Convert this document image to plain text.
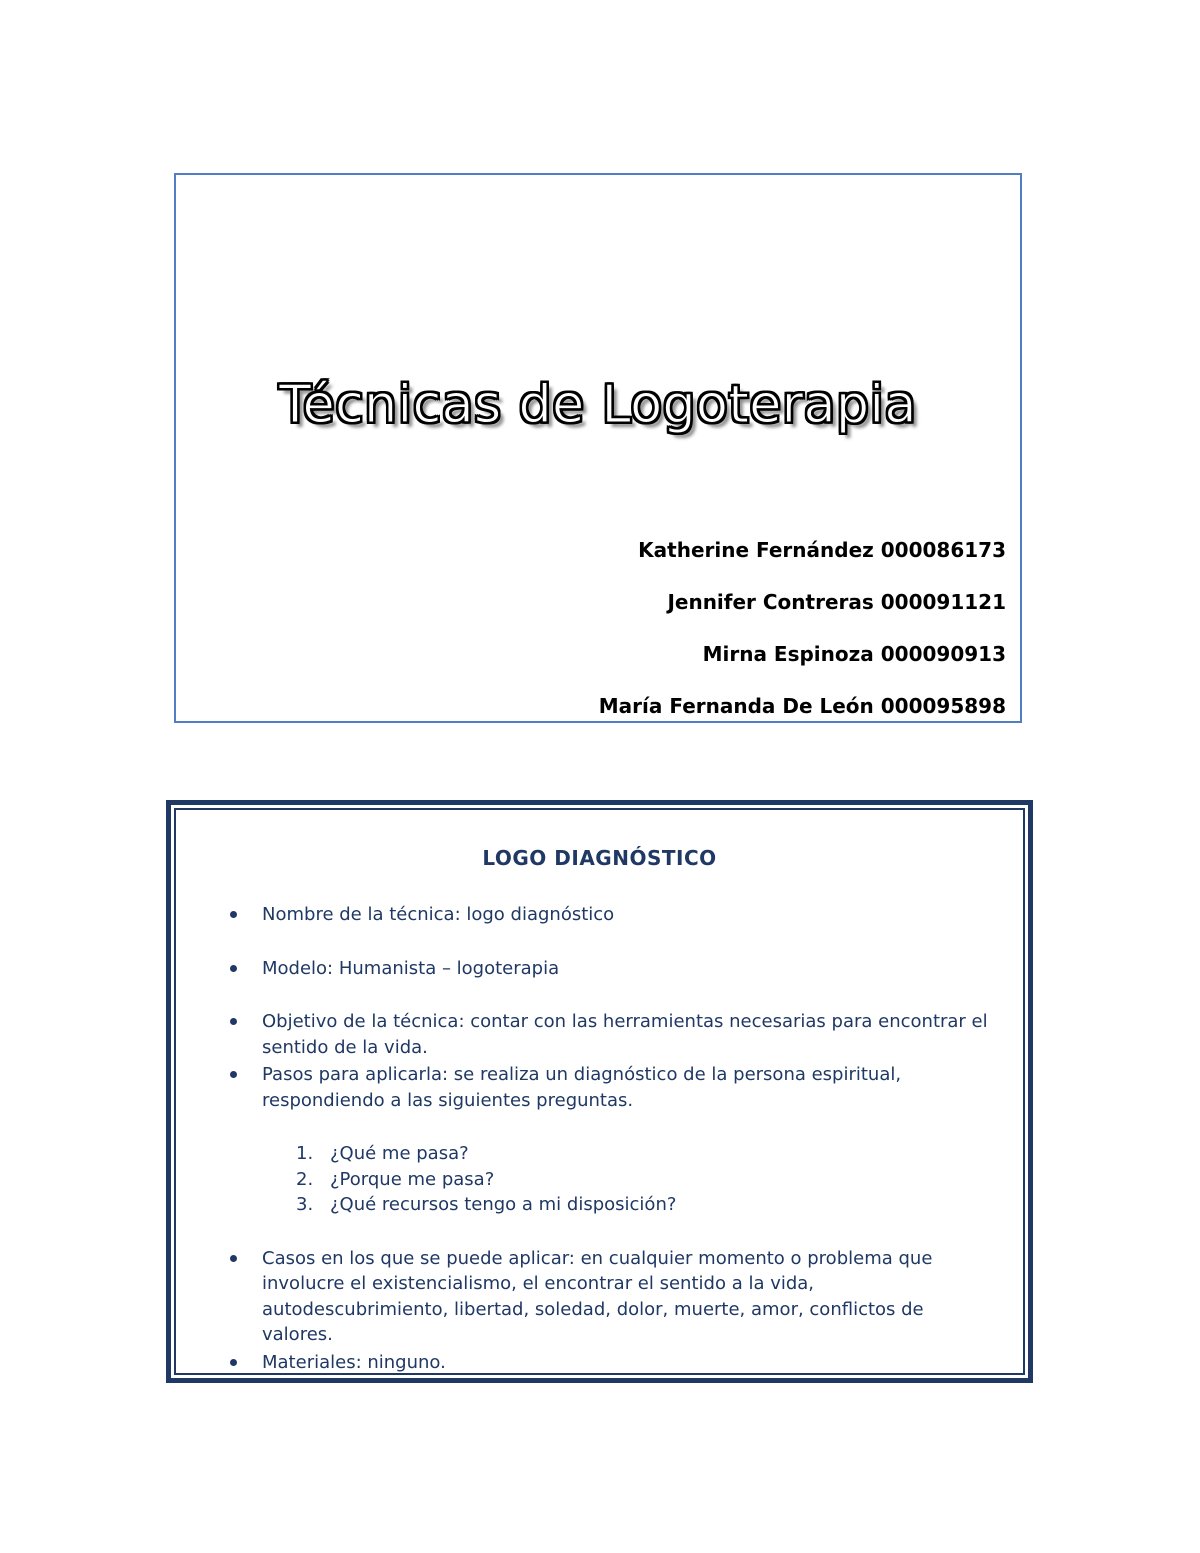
Técnicas de Logoterapia
Katherine Fernández 000086173
Jennifer Contreras 000091121
Mirna Espinoza 000090913
María Fernanda De León 000095898
LOGO DIAGNÓSTICO
Nombre de la técnica: logo diagnóstico
Modelo: Humanista – logoterapia
Objetivo de la técnica: contar con las herramientas necesarias para encontrar el sentido de la vida.
Pasos para aplicarla: se realiza un diagnóstico de la persona espiritual, respondiendo a las siguientes preguntas.
1. ¿Qué me pasa?
2. ¿Porque me pasa?
3. ¿Qué recursos tengo a mi disposición?
Casos en los que se puede aplicar: en cualquier momento o problema que involucre el existencialismo, el encontrar el sentido a la vida, autodescubrimiento, libertad, soledad, dolor, muerte, amor, conflictos de valores.
Materiales: ninguno.
